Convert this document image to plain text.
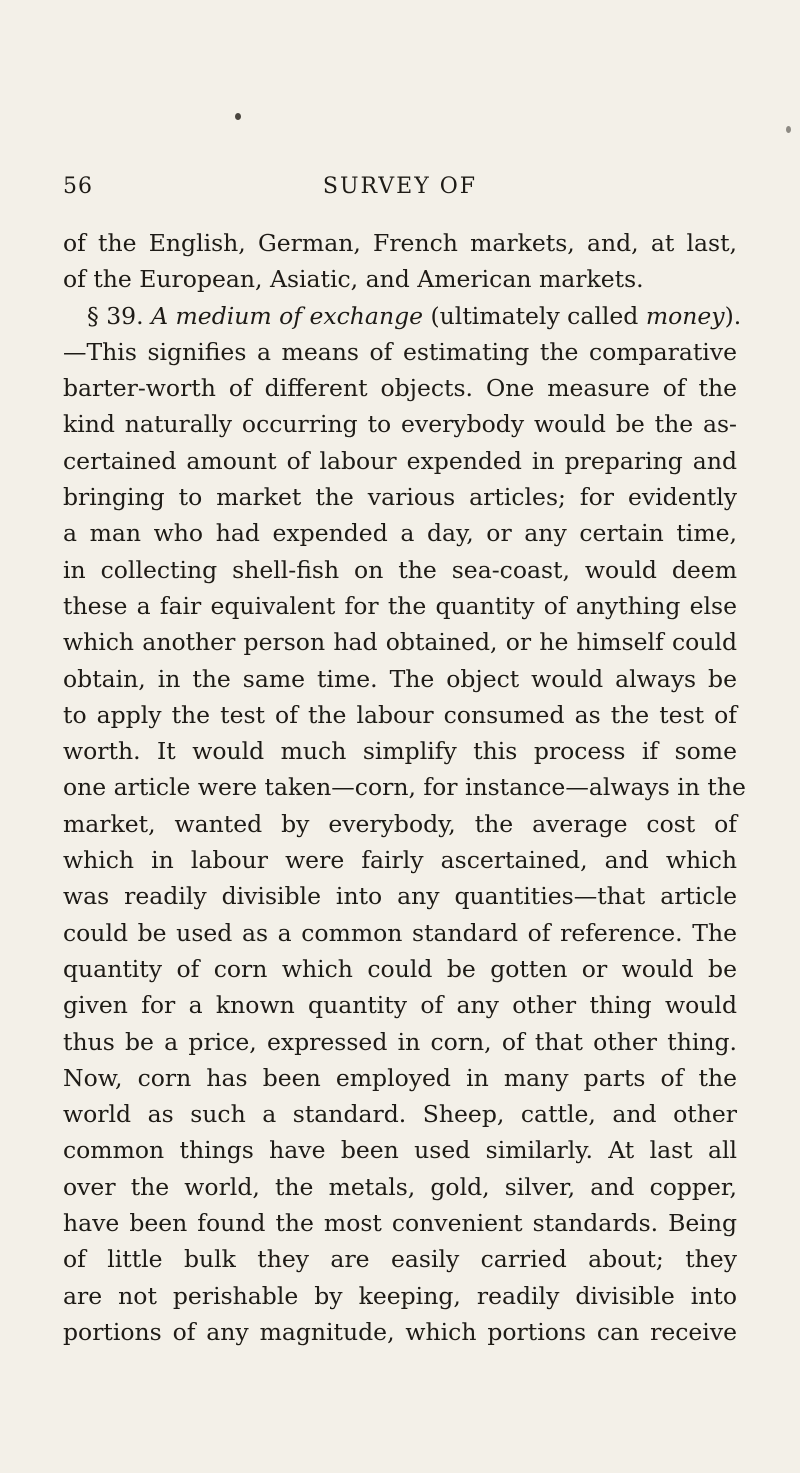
56	SURVEY OF
of the English, German, French markets, and, at last,
of the European, Asiatic, and American markets.
§ 39. A medium of exchange (ultimately called money).
—This signifies a means of estimating the comparative
barter-worth of different objects. One measure of the
kind naturally occurring to everybody would be the as-
certained amount of labour expended in preparing and
bringing to market the various articles; for evidently
a man who had expended a day, or any certain time,
in collecting shell-fish on the sea-coast, would deem
these a fair equivalent for the quantity of anything else
which another person had obtained, or he himself could
obtain, in the same time. The object would always be
to apply the test of the labour consumed as the test of
worth. It would much simplify this process if some
one article were taken—corn, for instance—always in the
market, wanted by everybody, the average cost of
which in labour were fairly ascertained, and which
was readily divisible into any quantities—that article
could be used as a common standard of reference. The
quantity of corn which could be gotten or would be
given for a known quantity of any other thing would
thus be a price, expressed in corn, of that other thing.
Now, corn has been employed in many parts of the
world as such a standard. Sheep, cattle, and other
common things have been used similarly. At last all
over the world, the metals, gold, silver, and copper,
have been found the most convenient standards. Being
of little bulk they are easily carried about; they
are not perishable by keeping, readily divisible into
portions of any magnitude, which portions can receive
